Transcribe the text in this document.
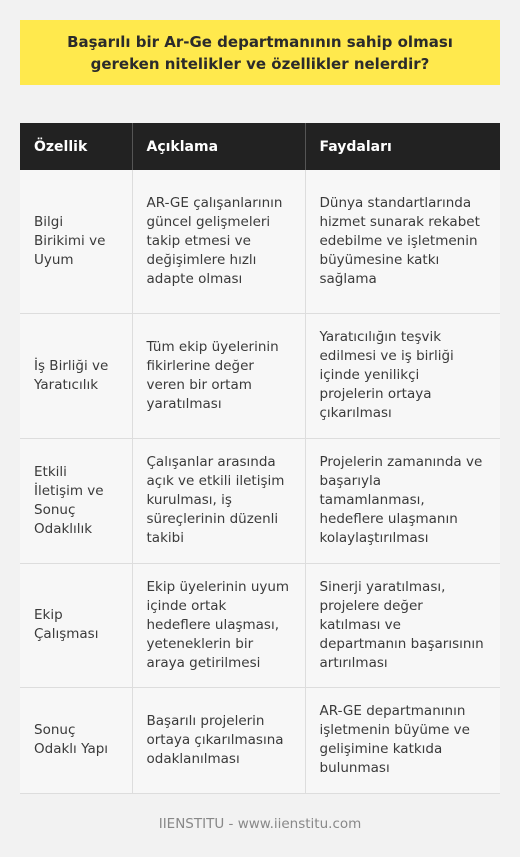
Başarılı bir Ar-Ge departmanının sahip olması gereken nitelikler ve özellikler nelerdir?
Özellik	Açıklama	Faydaları
Bilgi Birikimi ve Uyum	AR-GE çalışanlarının güncel gelişmeleri takip etmesi ve değişimlere hızlı adapte olması	Dünya standartlarında hizmet sunarak rekabet edebilme ve işletmenin büyümesine katkı sağlama
İş Birliği ve Yaratıcılık	Tüm ekip üyelerinin fikirlerine değer veren bir ortam yaratılması	Yaratıcılığın teşvik edilmesi ve iş birliği içinde yenilikçi projelerin ortaya çıkarılması
Etkili İletişim ve Sonuç Odaklılık	Çalışanlar arasında açık ve etkili iletişim kurulması, iş süreçlerinin düzenli takibi	Projelerin zamanında ve başarıyla tamamlanması, hedeflere ulaşmanın kolaylaştırılması
Ekip Çalışması	Ekip üyelerinin uyum içinde ortak hedeflere ulaşması, yeteneklerin bir araya getirilmesi	Sinerji yaratılması, projelere değer katılması ve departmanın başarısının artırılması
Sonuç Odaklı Yapı	Başarılı projelerin ortaya çıkarılmasına odaklanılması	AR-GE departmanının işletmenin büyüme ve gelişimine katkıda bulunması
IIENSTITU - www.iienstitu.com
